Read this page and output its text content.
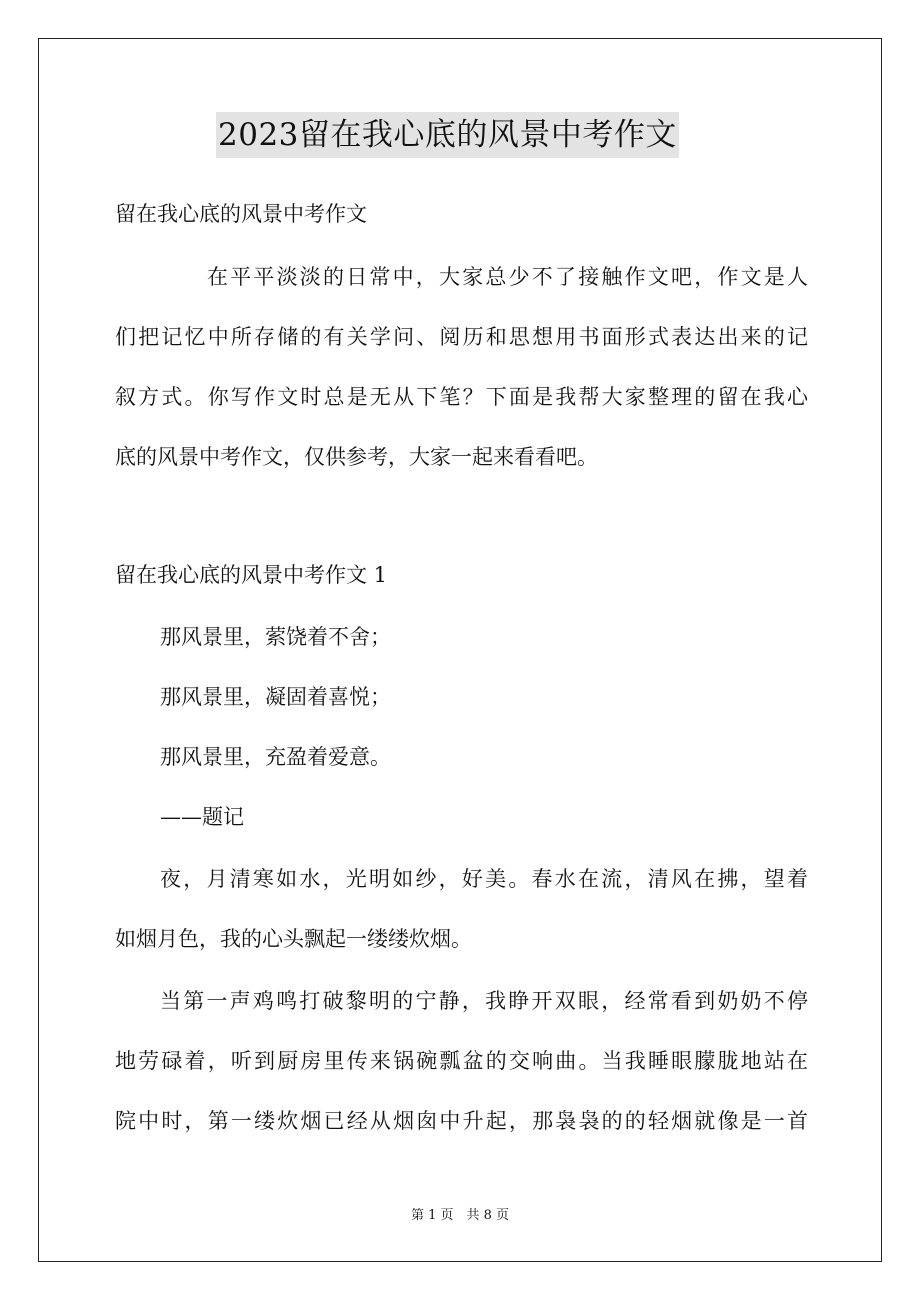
2023留在我心底的风景中考作文
留在我心底的风景中考作文
在平平淡淡的日常中，大家总少不了接触作文吧，作文是人
们把记忆中所存储的有关学问、阅历和思想用书面形式表达出来的记
叙方式。你写作文时总是无从下笔？下面是我帮大家整理的留在我心
底的风景中考作文，仅供参考，大家一起来看看吧。
留在我心底的风景中考作文 1
那风景里，萦饶着不舍；
那风景里，凝固着喜悦；
那风景里，充盈着爱意。
——题记
夜，月清寒如水，光明如纱，好美。春水在流，清风在拂，望着
如烟月色，我的心头飘起一缕缕炊烟。
当第一声鸡鸣打破黎明的宁静，我睁开双眼，经常看到奶奶不停
地劳碌着，听到厨房里传来锅碗瓢盆的交响曲。当我睡眼朦胧地站在
院中时，第一缕炊烟已经从烟囱中升起，那袅袅的的轻烟就像是一首
第 1 页　共 8 页
